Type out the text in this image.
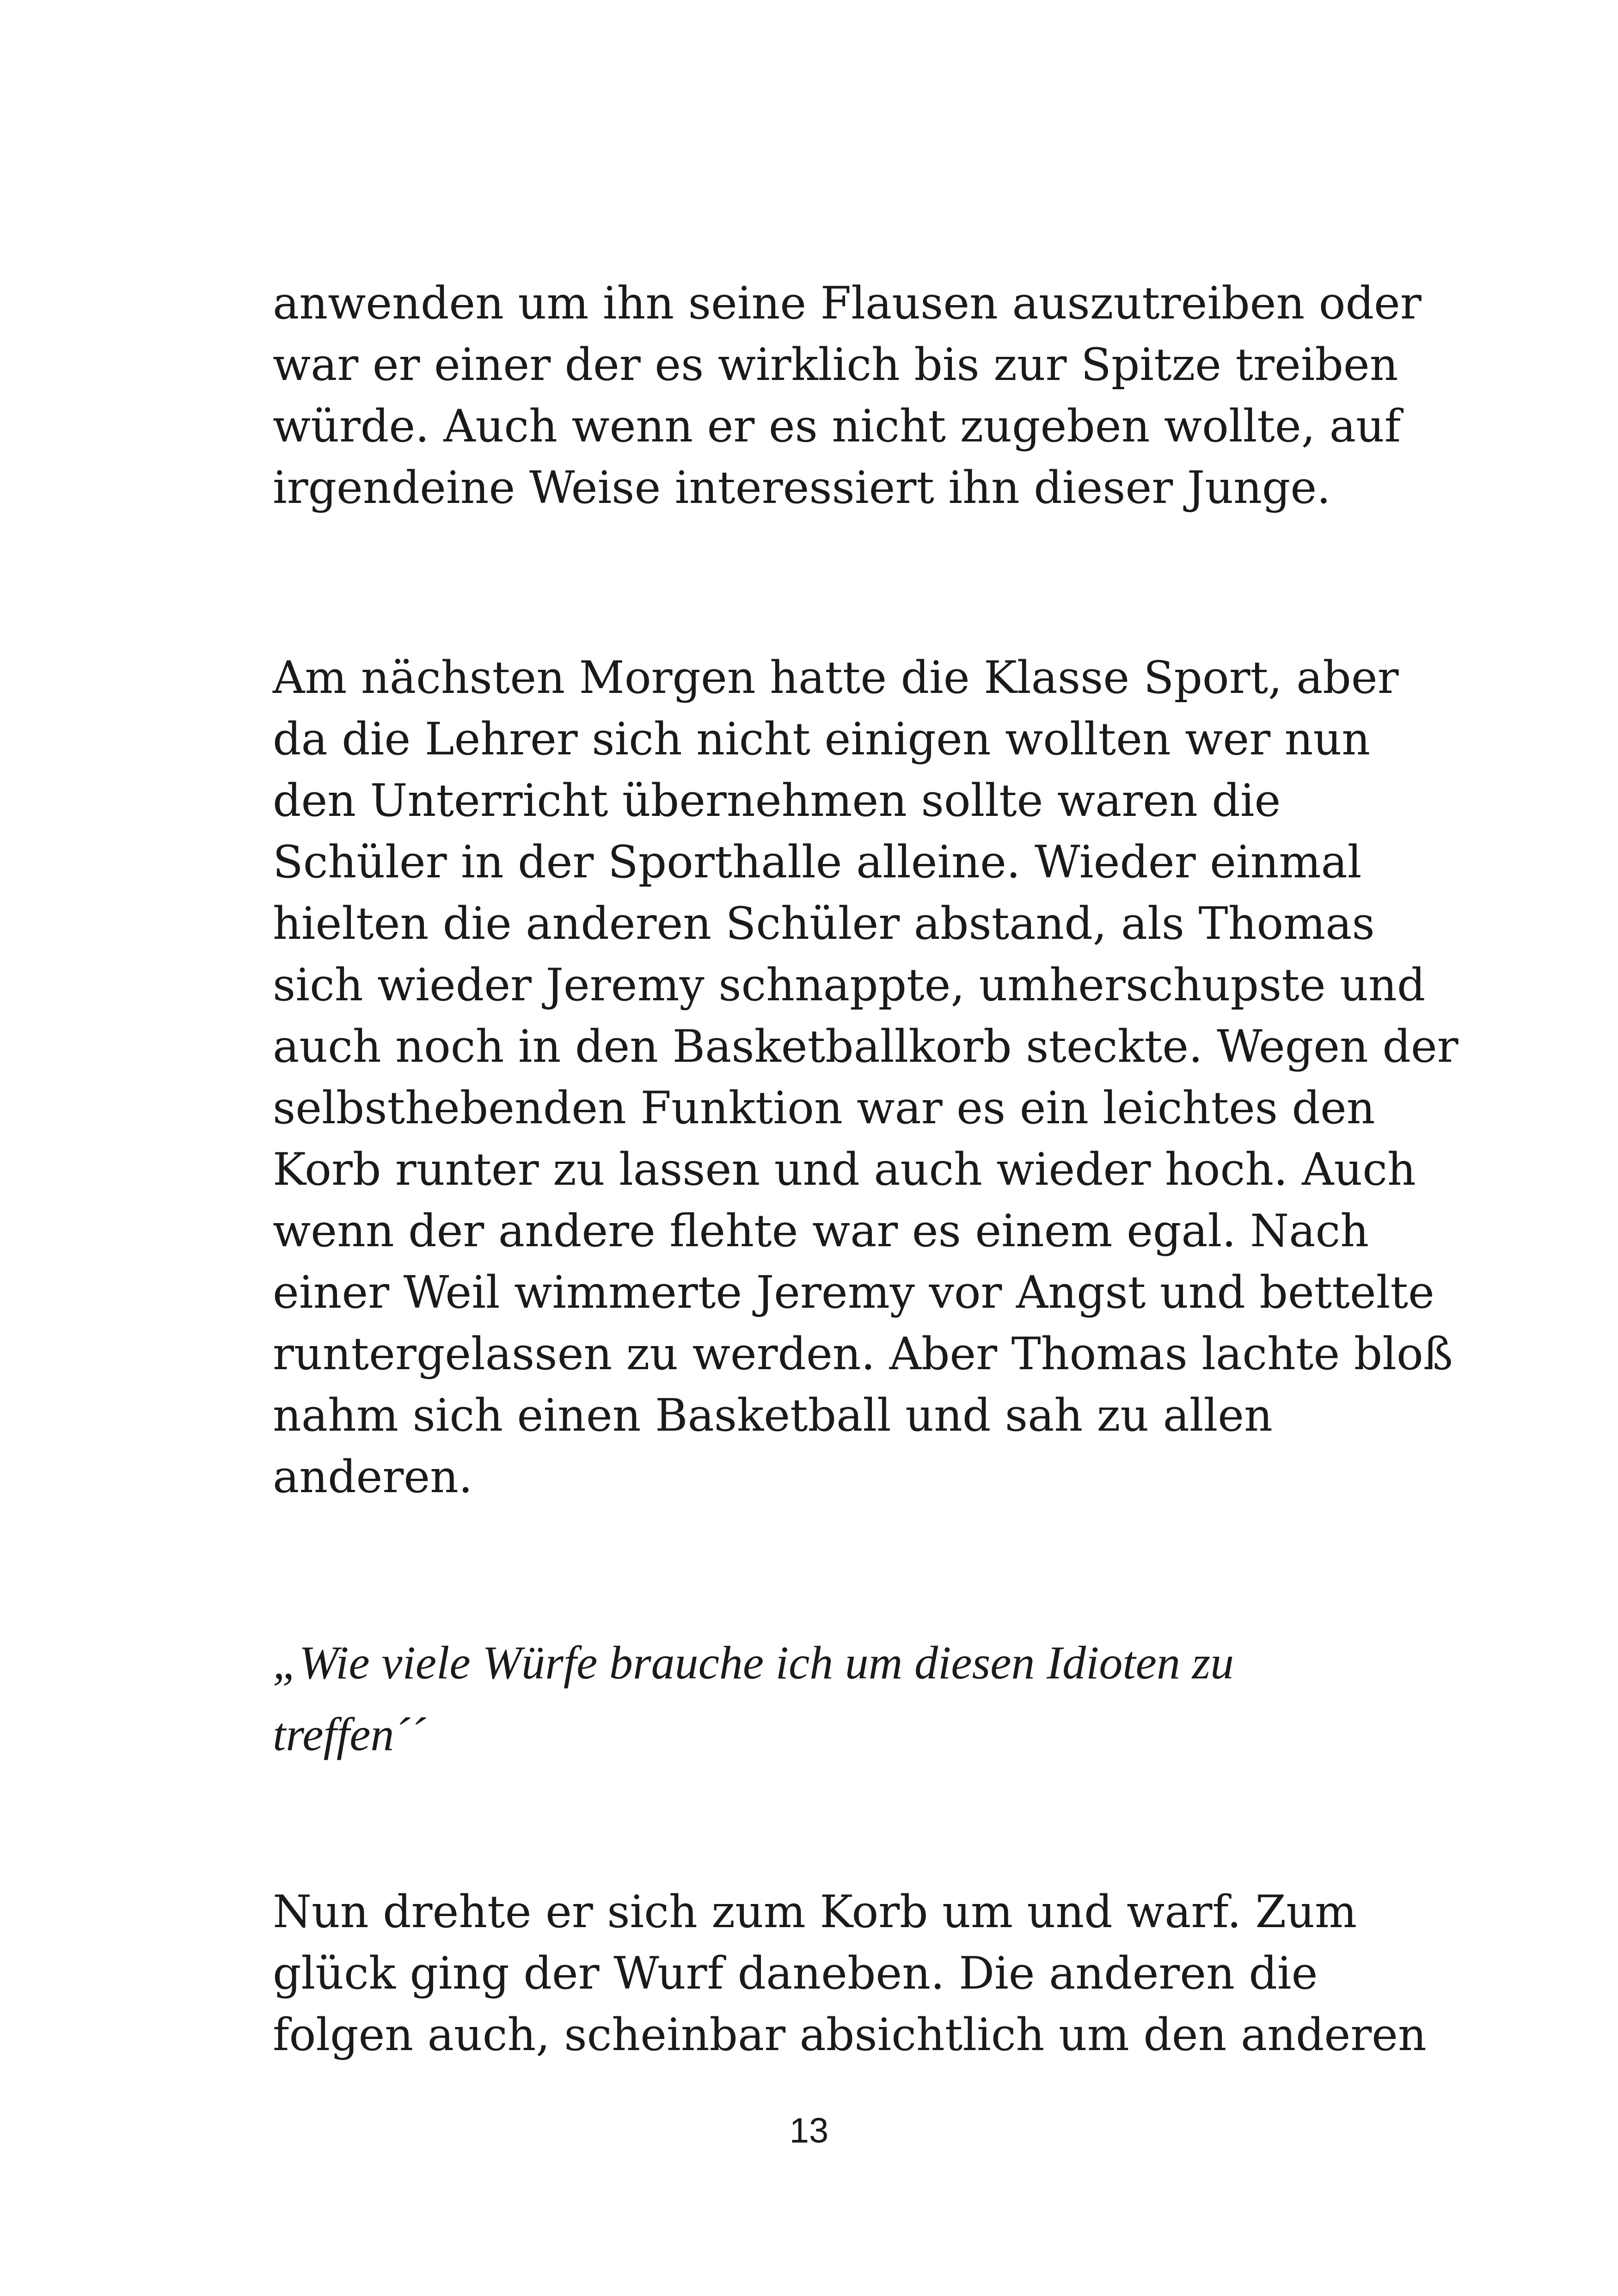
anwenden um ihn seine Flausen auszutreiben oder
war er einer der es wirklich bis zur Spitze treiben
würde. Auch wenn er es nicht zugeben wollte, auf
irgendeine Weise interessiert ihn dieser Junge.
Am nächsten Morgen hatte die Klasse Sport, aber
da die Lehrer sich nicht einigen wollten wer nun
den Unterricht übernehmen sollte waren die
Schüler in der Sporthalle alleine. Wieder einmal
hielten die anderen Schüler abstand, als Thomas
sich wieder Jeremy schnappte, umherschupste und
auch noch in den Basketballkorb steckte. Wegen der
selbsthebenden Funktion war es ein leichtes den
Korb runter zu lassen und auch wieder hoch. Auch
wenn der andere flehte war es einem egal. Nach
einer Weil wimmerte Jeremy vor Angst und bettelte
runtergelassen zu werden. Aber Thomas lachte bloß
nahm sich einen Basketball und sah zu allen
anderen.
„Wie viele Würfe brauche ich um diesen Idioten zu
treffen´´
Nun drehte er sich zum Korb um und warf. Zum
glück ging der Wurf daneben. Die anderen die
folgen auch, scheinbar absichtlich um den anderen
13
